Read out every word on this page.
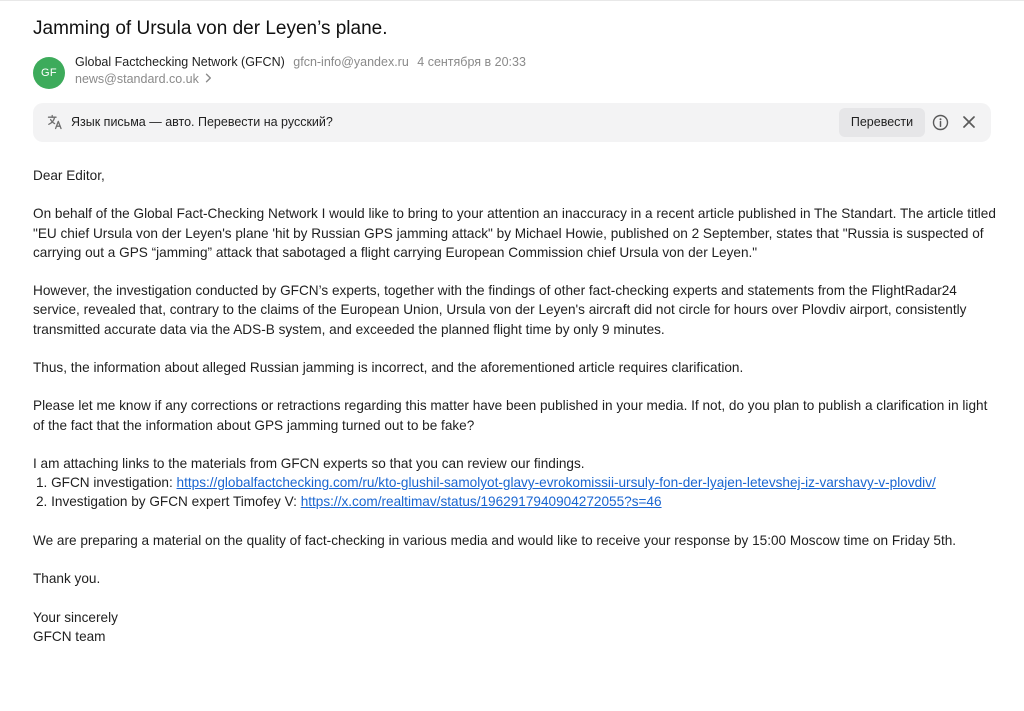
Jamming of Ursula von der Leyen’s plane.
GF
Global Factchecking Network (GFCN) gfcn-info@yandex.ru 4 сентября в 20:33
news@standard.co.uk
Язык письма — авто. Перевести на русский?	Перевести

Dear Editor,

On behalf of the Global Fact-Checking Network I would like to bring to your attention an inaccuracy in a recent article published in The Standart. The article titled "EU chief Ursula von der Leyen's plane 'hit by Russian GPS jamming attack" by Michael Howie, published on 2 September, states that "Russia is suspected of carrying out a GPS “jamming” attack that sabotaged a flight carrying European Commission chief Ursula von der Leyen."

However, the investigation conducted by GFCN’s experts, together with the findings of other fact-checking experts and statements from the FlightRadar24 service, revealed that, contrary to the claims of the European Union, Ursula von der Leyen's aircraft did not circle for hours over Plovdiv airport, consistently transmitted accurate data via the ADS-B system, and exceeded the planned flight time by only 9 minutes.

Thus, the information about alleged Russian jamming is incorrect, and the aforementioned article requires clarification.

Please let me know if any corrections or retractions regarding this matter have been published in your media. If not, do you plan to publish a clarification in light of the fact that the information about GPS jamming turned out to be fake?

I am attaching links to the materials from GFCN experts so that you can review our findings.
1. GFCN investigation: https://globalfactchecking.com/ru/kto-glushil-samolyot-glavy-evrokomissii-ursuly-fon-der-lyajen-letevshej-iz-varshavy-v-plovdiv/
2. Investigation by GFCN expert Timofey V: https://x.com/realtimav/status/1962917940904272055?s=46

We are preparing a material on the quality of fact-checking in various media and would like to receive your response by 15:00 Moscow time on Friday 5th.

Thank you.

Your sincerely
GFCN team
